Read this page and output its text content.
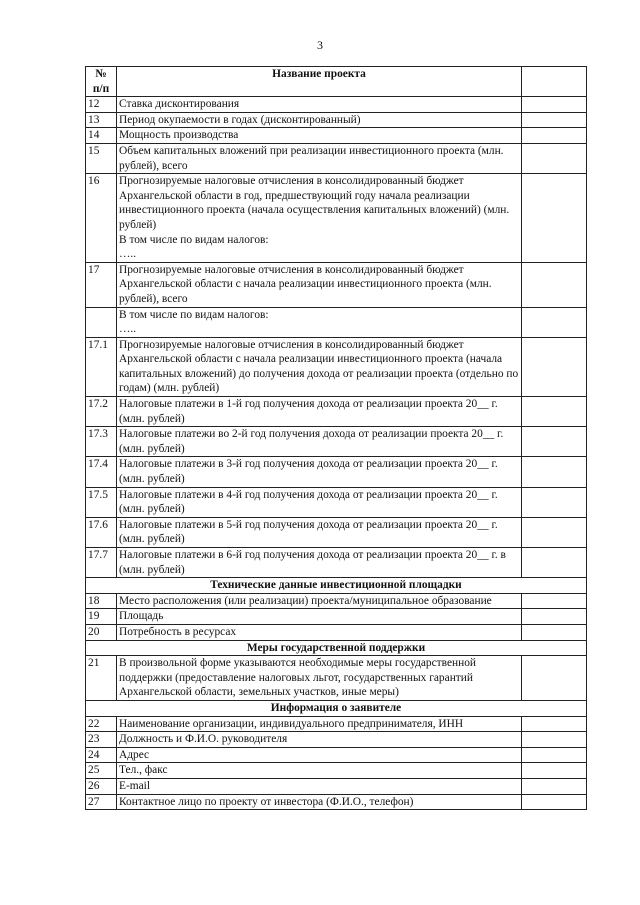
3
№
п/п	Название проекта	
12	Ставка дисконтирования	
13	Период окупаемости в годах (дисконтированный)	
14	Мощность производства	
15	Объем капитальных вложений при реализации инвестиционного проекта (млн. рублей), всего	
16	Прогнозируемые налоговые отчисления в консолидированный бюджет Архангельской области в год, предшествующий году начала реализации инвестиционного проекта (начала осуществления капитальных вложений) (млн. рублей)
В том числе по видам налогов:
…..	
17	Прогнозируемые налоговые отчисления в консолидированный бюджет Архангельской области с начала реализации инвестиционного проекта (млн. рублей), всего	
	В том числе по видам налогов:
…..	
17.1	Прогнозируемые налоговые отчисления в консолидированный бюджет Архангельской области с начала реализации инвестиционного проекта (начала капитальных вложений) до получения дохода от реализации проекта (отдельно по годам) (млн. рублей)	
17.2	Налоговые платежи в 1-й год получения дохода от реализации проекта 20__ г. (млн. рублей)	
17.3	Налоговые платежи во 2-й год получения дохода от реализации проекта 20__ г. (млн. рублей)	
17.4	Налоговые платежи в 3-й год получения дохода от реализации проекта 20__ г. (млн. рублей)	
17.5	Налоговые платежи в 4-й год получения дохода от реализации проекта 20__ г. (млн. рублей)	
17.6	Налоговые платежи в 5-й год получения дохода от реализации проекта 20__ г. (млн. рублей)	
17.7	Налоговые платежи в 6-й год получения дохода от реализации проекта 20__ г. в (млн. рублей)	
Технические данные инвестиционной площадки		
18	Место расположения (или реализации) проекта/муниципальное образование	
19	Площадь	
20	Потребность в ресурсах	
Меры государственной поддержки		
21	В произвольной форме указываются необходимые меры государственной поддержки (предоставление налоговых льгот, государственных гарантий Архангельской области, земельных участков, иные меры)	
Информация о заявителе		
22	Наименование организации, индивидуального предпринимателя, ИНН	
23	Должность и Ф.И.О. руководителя	
24	Адрес	
25	Тел., факс	
26	E-mail	
27	Контактное лицо по проекту от инвестора (Ф.И.О., телефон)	
